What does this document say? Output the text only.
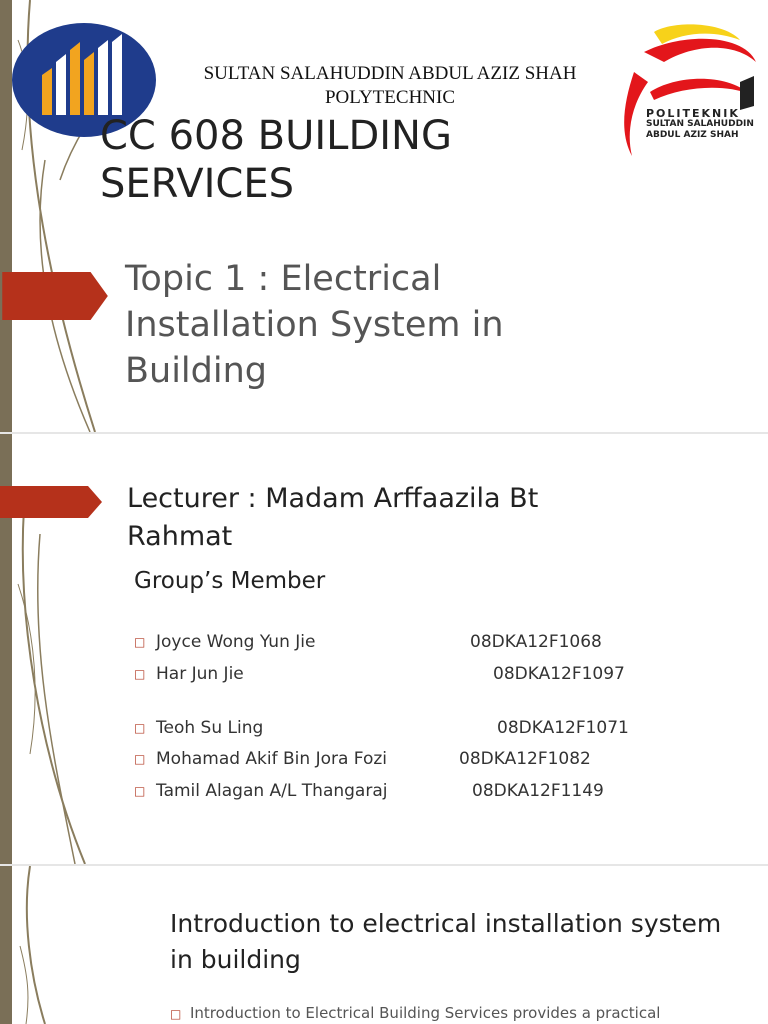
SULTAN SALAHUDDIN ABDUL AZIZ SHAH POLYTECHNIC
POLITEKNIK
SULTAN SALAHUDDIN
ABDUL AZIZ SHAH
CC 608 BUILDING SERVICES
Topic 1 : Electrical Installation System in Building
Lecturer : Madam Arffaazila Bt Rahmat
Group’s Member
□ Joyce Wong Yun Jie	08DKA12F1068
□ Har Jun Jie	08DKA12F1097
□ Teoh Su Ling	08DKA12F1071
□ Mohamad Akif Bin Jora Fozi	08DKA12F1082
□ Tamil Alagan A/L Thangaraj	08DKA12F1149
Introduction to electrical installation system in building
□ Introduction to Electrical Building Services provides a practical
